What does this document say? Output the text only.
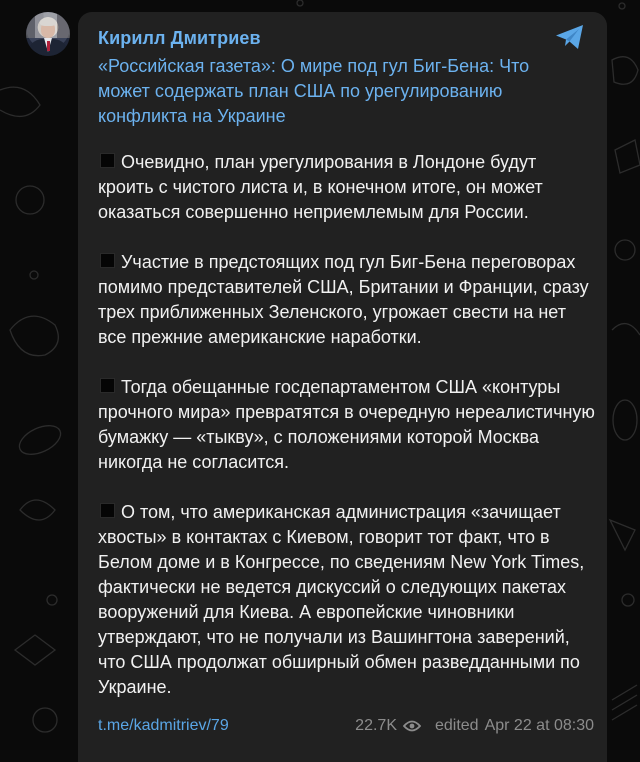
Кирилл Дмитриев
«Российская газета»: О мире под гул Биг-Бена: Что может содержать план США по урегулированию конфликта на Украине

Очевидно, план урегулирования в Лондоне будут кроить с чистого листа и, в конечном итоге, он может оказаться совершенно неприемлемым для России.

Участие в предстоящих под гул Биг-Бена переговорах помимо представителей США, Британии и Франции, сразу трех приближенных Зеленского, угрожает свести на нет все прежние американские наработки.

Тогда обещанные госдепартаментом США «контуры прочного мира» превратятся в очередную нереалистичную бумажку — «тыкву», с положениями которой Москва никогда не согласится.

О том, что американская администрация «зачищает хвосты» в контактах с Киевом, говорит тот факт, что в Белом доме и в Конгрессе, по сведениям New York Times, фактически не ведется дискуссий о следующих пакетах вооружений для Киева. А европейские чиновники утверждают, что не получали из Вашингтона заверений, что США продолжат обширный обмен разведданными по Украине.

t.me/kadmitriev/79	22.7K edited Apr 22 at 08:30
